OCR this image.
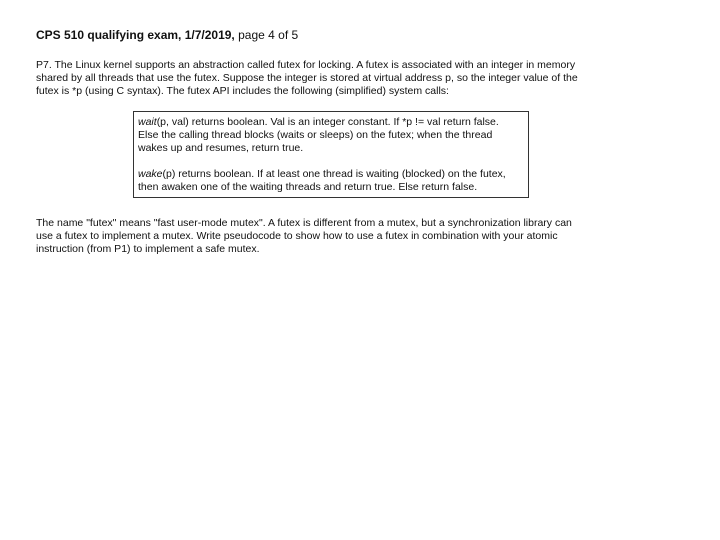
CPS 510 qualifying exam, 1/7/2019, page 4 of 5
P7. The Linux kernel supports an abstraction called futex for locking. A futex is associated with an integer in memory
shared by all threads that use the futex. Suppose the integer is stored at virtual address p, so the integer value of the
futex is *p (using C syntax). The futex API includes the following (simplified) system calls:
wait(p, val) returns boolean. Val is an integer constant. If *p != val return false.
Else the calling thread blocks (waits or sleeps) on the futex; when the thread
wakes up and resumes, return true.
wake(p) returns boolean. If at least one thread is waiting (blocked) on the futex,
then awaken one of the waiting threads and return true. Else return false.
The name "futex" means "fast user-mode mutex". A futex is different from a mutex, but a synchronization library can
use a futex to implement a mutex. Write pseudocode to show how to use a futex in combination with your atomic
instruction (from P1) to implement a safe mutex.
